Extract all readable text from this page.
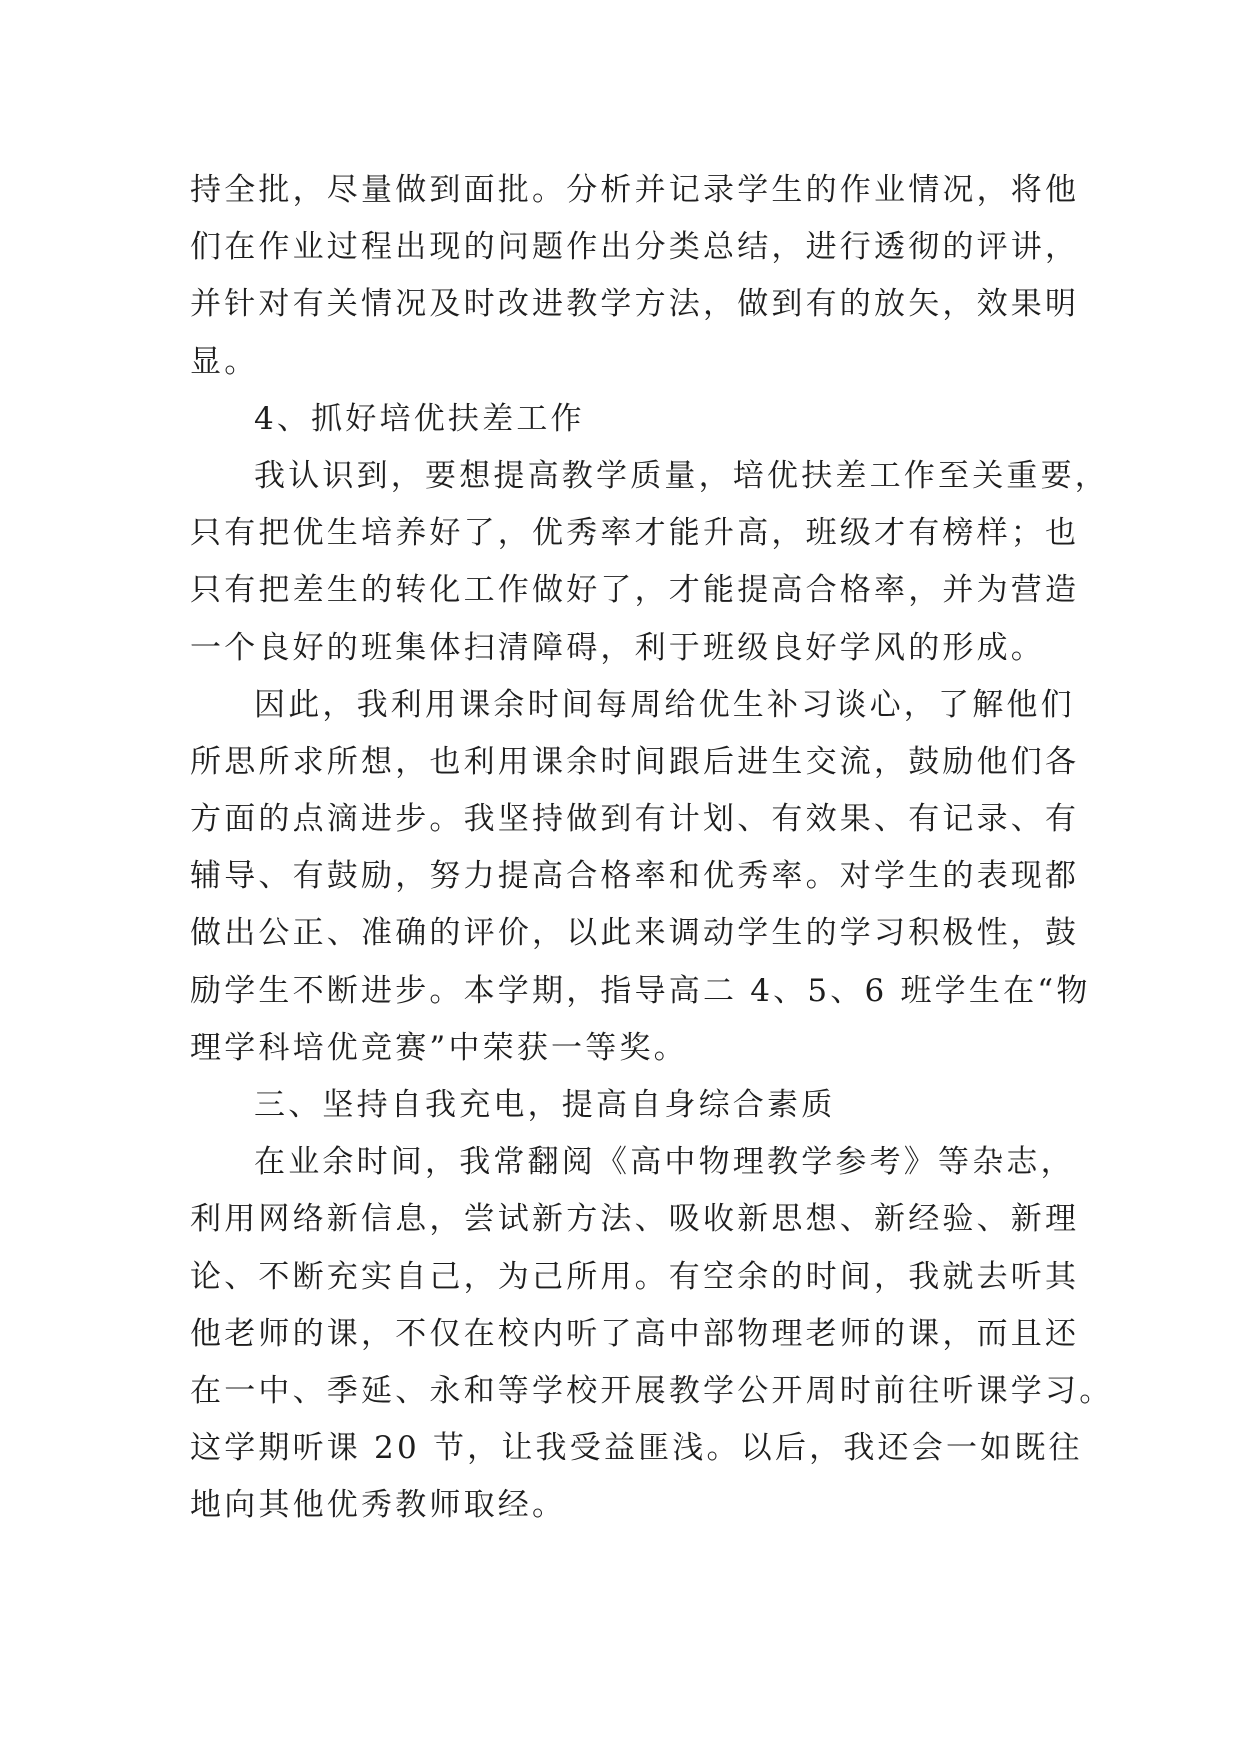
持全批，尽量做到面批。分析并记录学生的作业情况，将他
们在作业过程出现的问题作出分类总结，进行透彻的评讲，
并针对有关情况及时改进教学方法，做到有的放矢，效果明
显。
4、抓好培优扶差工作
我认识到，要想提高教学质量，培优扶差工作至关重要，
只有把优生培养好了，优秀率才能升高，班级才有榜样；也
只有把差生的转化工作做好了，才能提高合格率，并为营造
一个良好的班集体扫清障碍，利于班级良好学风的形成。
因此，我利用课余时间每周给优生补习谈心，了解他们
所思所求所想，也利用课余时间跟后进生交流，鼓励他们各
方面的点滴进步。我坚持做到有计划、有效果、有记录、有
辅导、有鼓励，努力提高合格率和优秀率。对学生的表现都
做出公正、准确的评价，以此来调动学生的学习积极性，鼓
励学生不断进步。本学期，指导高二 4、5、6 班学生在“物
理学科培优竞赛”中荣获一等奖。
三、坚持自我充电，提高自身综合素质
在业余时间，我常翻阅《高中物理教学参考》等杂志，
利用网络新信息，尝试新方法、吸收新思想、新经验、新理
论、不断充实自己，为己所用。有空余的时间，我就去听其
他老师的课，不仅在校内听了高中部物理老师的课，而且还
在一中、季延、永和等学校开展教学公开周时前往听课学习。
这学期听课 20 节，让我受益匪浅。以后，我还会一如既往
地向其他优秀教师取经。
